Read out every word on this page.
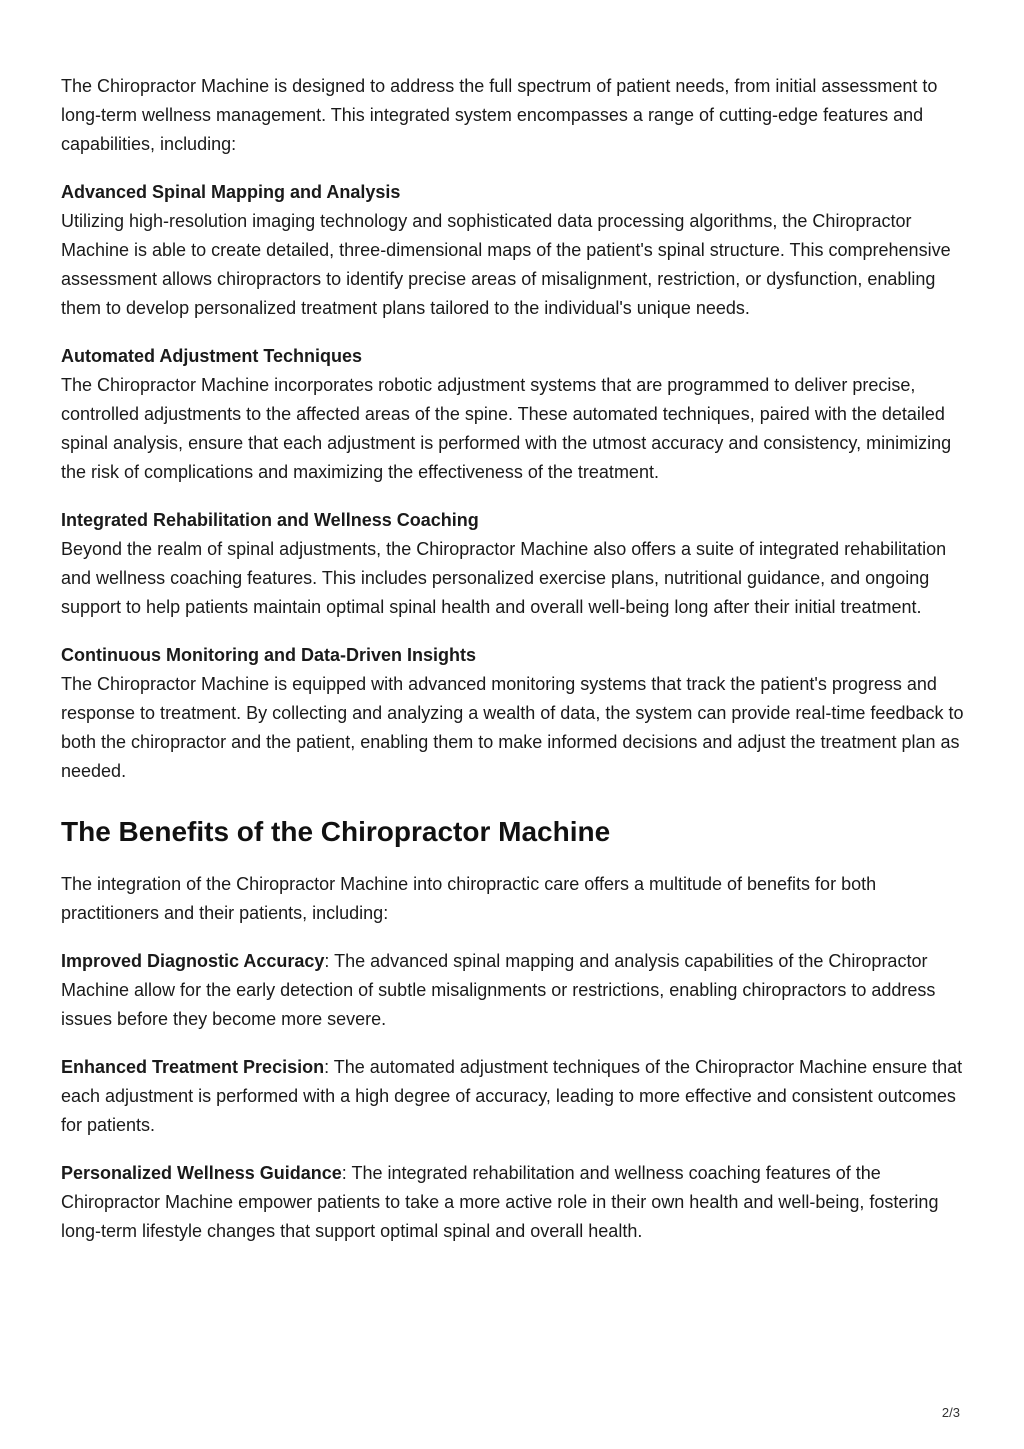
The Chiropractor Machine is designed to address the full spectrum of patient needs, from initial assessment to long-term wellness management. This integrated system encompasses a range of cutting-edge features and capabilities, including:

Advanced Spinal Mapping and Analysis
Utilizing high-resolution imaging technology and sophisticated data processing algorithms, the Chiropractor Machine is able to create detailed, three-dimensional maps of the patient's spinal structure. This comprehensive assessment allows chiropractors to identify precise areas of misalignment, restriction, or dysfunction, enabling them to develop personalized treatment plans tailored to the individual's unique needs.

Automated Adjustment Techniques
The Chiropractor Machine incorporates robotic adjustment systems that are programmed to deliver precise, controlled adjustments to the affected areas of the spine. These automated techniques, paired with the detailed spinal analysis, ensure that each adjustment is performed with the utmost accuracy and consistency, minimizing the risk of complications and maximizing the effectiveness of the treatment.

Integrated Rehabilitation and Wellness Coaching
Beyond the realm of spinal adjustments, the Chiropractor Machine also offers a suite of integrated rehabilitation and wellness coaching features. This includes personalized exercise plans, nutritional guidance, and ongoing support to help patients maintain optimal spinal health and overall well-being long after their initial treatment.

Continuous Monitoring and Data-Driven Insights
The Chiropractor Machine is equipped with advanced monitoring systems that track the patient's progress and response to treatment. By collecting and analyzing a wealth of data, the system can provide real-time feedback to both the chiropractor and the patient, enabling them to make informed decisions and adjust the treatment plan as needed.

The Benefits of the Chiropractor Machine

The integration of the Chiropractor Machine into chiropractic care offers a multitude of benefits for both practitioners and their patients, including:

Improved Diagnostic Accuracy: The advanced spinal mapping and analysis capabilities of the Chiropractor Machine allow for the early detection of subtle misalignments or restrictions, enabling chiropractors to address issues before they become more severe.

Enhanced Treatment Precision: The automated adjustment techniques of the Chiropractor Machine ensure that each adjustment is performed with a high degree of accuracy, leading to more effective and consistent outcomes for patients.

Personalized Wellness Guidance: The integrated rehabilitation and wellness coaching features of the Chiropractor Machine empower patients to take a more active role in their own health and well-being, fostering long-term lifestyle changes that support optimal spinal and overall health.

2/3
